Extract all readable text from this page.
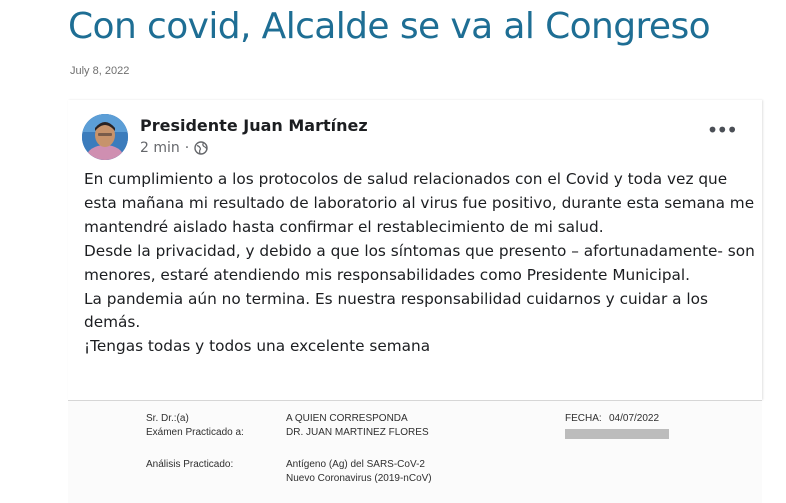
Con covid, Alcalde se va al Congreso
July 8, 2022
Presidente Juan Martínez
2 min ·
•••

En cumplimiento a los protocolos de salud relacionados con el Covid y toda vez que esta mañana mi resultado de laboratorio al virus fue positivo, durante esta semana me mantendré aislado hasta confirmar el restablecimiento de mi salud.

Desde la privacidad, y debido a que los síntomas que presento – afortunadamente- son menores, estaré atendiendo mis responsabilidades como Presidente Municipal.

La pandemia aún no termina. Es nuestra responsabilidad cuidarnos y cuidar a los demás.

¡Tengas todas y todos una excelente semana

Sr. Dr.:(a)	A QUIEN CORRESPONDA	FECHA: 04/07/2022
Exámen Practicado a:	DR. JUAN MARTINEZ FLORES
Análisis Practicado:	Antígeno (Ag) del SARS-CoV-2
Nuevo Coronavirus (2019-nCoV)
